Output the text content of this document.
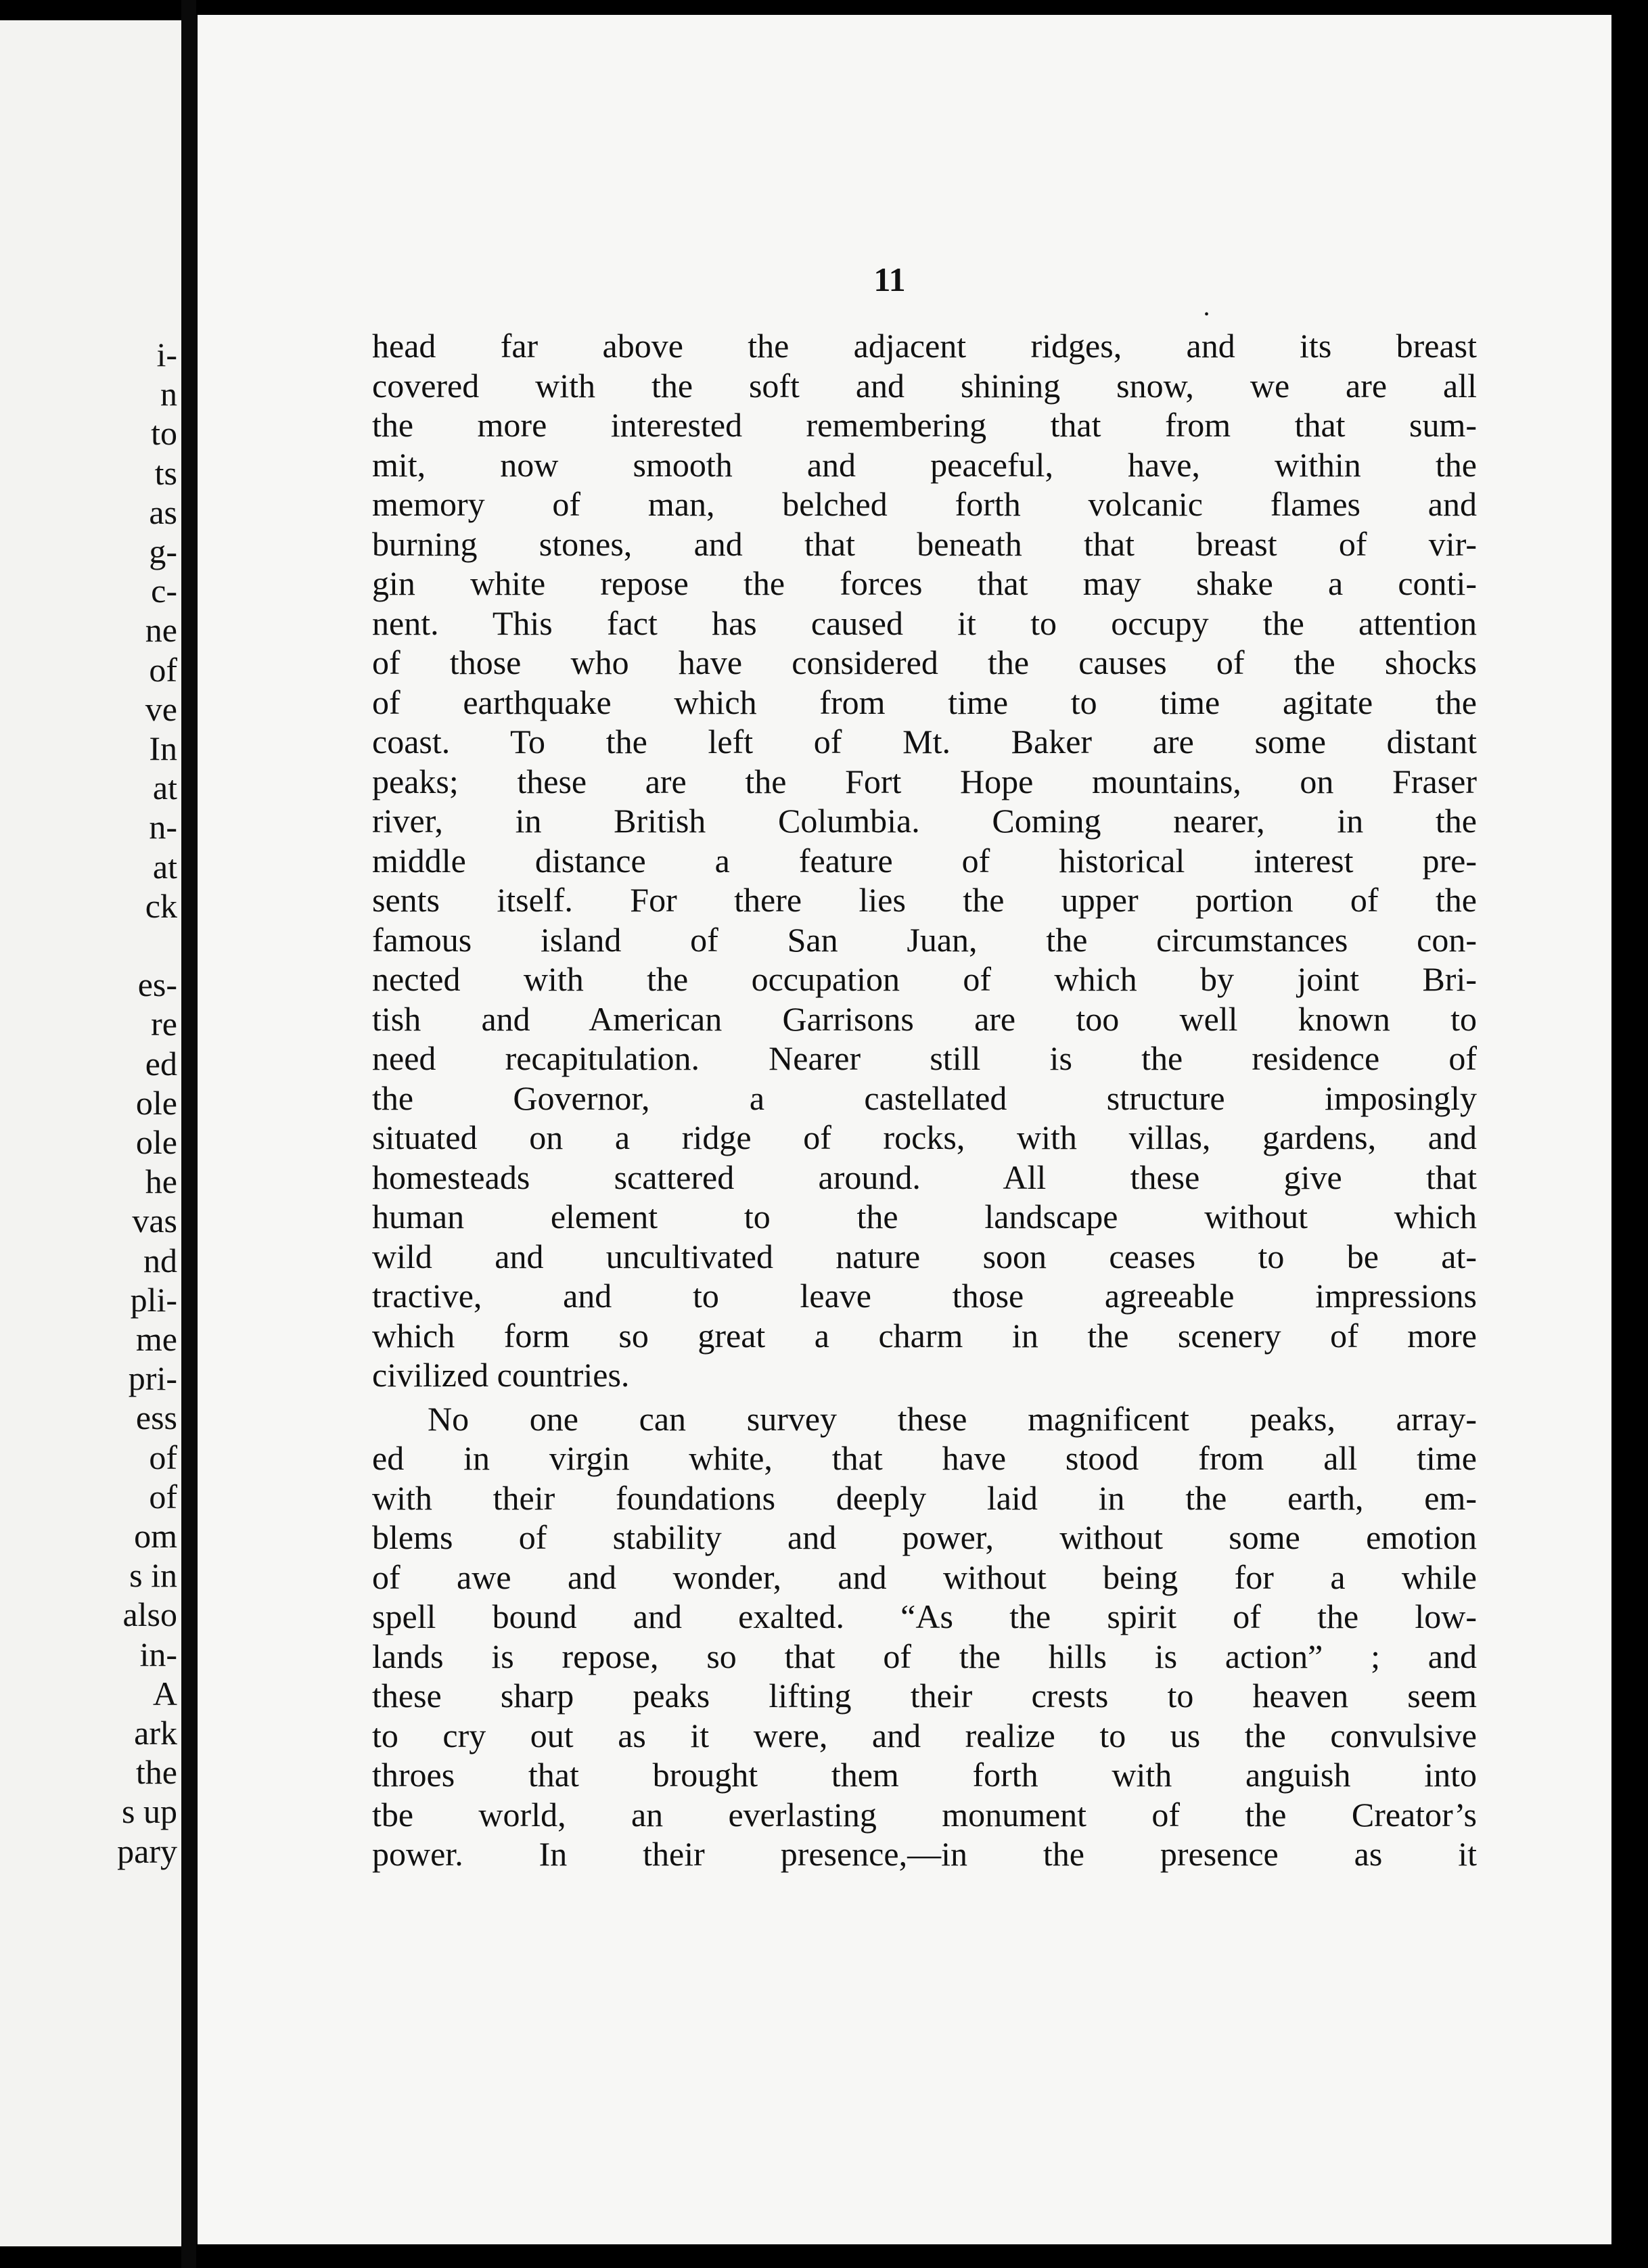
i-
n
to
ts
as
g-
c-
ne
of
ve
In
at
n-
at
ck
es-
re
ed
ole
ole
he
vas
nd
pli-
me
pri-
ess
of
of
om
s in
also
in-
A
ark
the
s up
pary
11
head far above the adjacent ridges, and its breast
covered with the soft and shining snow, we are all
the more interested remembering that from that sum-
mit, now smooth and peaceful, have, within the
memory of man, belched forth volcanic flames and
burning stones, and that beneath that breast of vir-
gin white repose the forces that may shake a conti-
nent. This fact has caused it to occupy the attention
of those who have considered the causes of the shocks
of earthquake which from time to time agitate the
coast. To the left of Mt. Baker are some distant
peaks; these are the Fort Hope mountains, on Fraser
river, in British Columbia. Coming nearer, in the
middle distance a feature of historical interest pre-
sents itself. For there lies the upper portion of the
famous island of San Juan, the circumstances con-
nected with the occupation of which by joint Bri-
tish and American Garrisons are too well known to
need recapitulation. Nearer still is the residence of
the Governor, a castellated structure imposingly
situated on a ridge of rocks, with villas, gardens, and
homesteads scattered around. All these give that
human element to the landscape without which
wild and uncultivated nature soon ceases to be at-
tractive, and to leave those agreeable impressions
which form so great a charm in the scenery of more
civilized countries.
No one can survey these magnificent peaks, array-
ed in virgin white, that have stood from all time
with their foundations deeply laid in the earth, em-
blems of stability and power, without some emotion
of awe and wonder, and without being for a while
spell bound and exalted. “As the spirit of the low-
lands is repose, so that of the hills is action” ; and
these sharp peaks lifting their crests to heaven seem
to cry out as it were, and realize to us the convulsive
throes that brought them forth with anguish into
tbe world, an everlasting monument of the Creator’s
power. In their presence,—in the presence as it
•
